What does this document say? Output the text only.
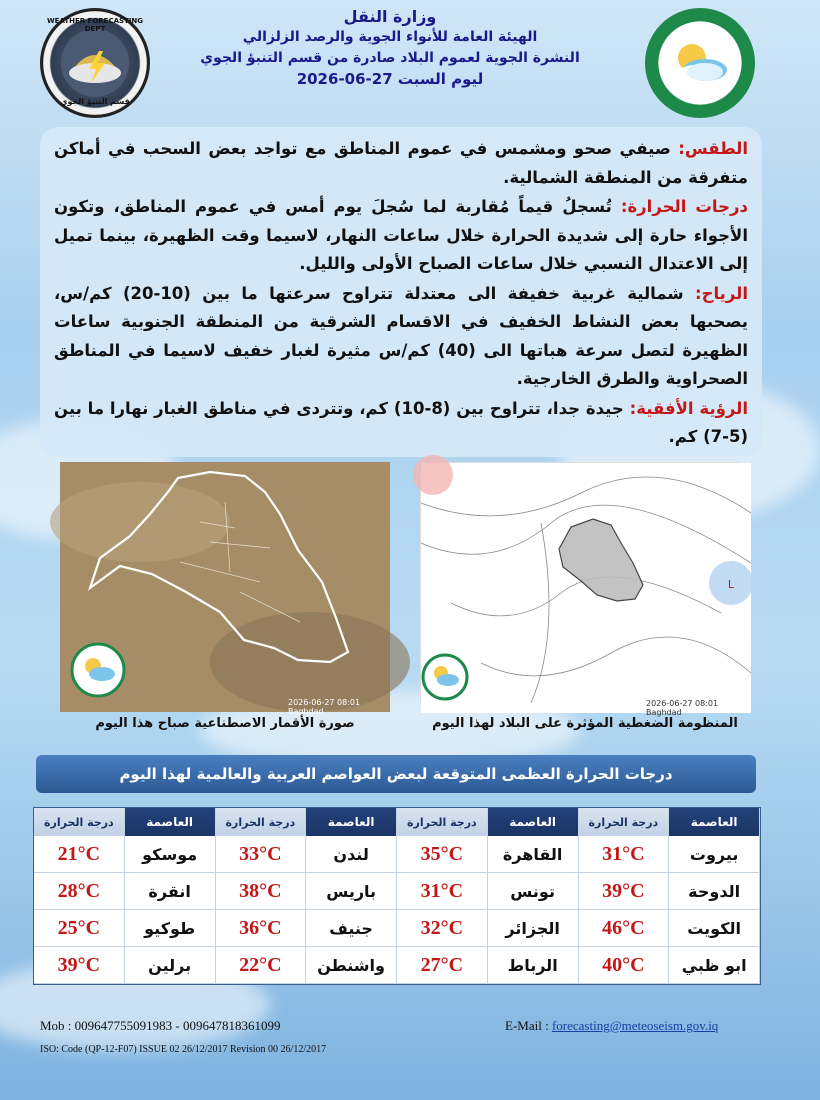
WEATHER FORECASTING DEPT
قسم التنبؤ الجوي
وزارة النقل
الهيئة العامة للأنواء الجوية والرصد الزلزالي
النشرة الجوية لعموم البلاد صادرة من قسم التنبؤ الجوي
ليوم السبت 27-06-2026

الطقس: صيفي صحو ومشمس في عموم المناطق مع تواجد بعض السحب في أماكن متفرقة من المنطقة الشمالية.

درجات الحرارة: تُسجلُ قيماً مُقاربة لما سُجلَ يوم أمس في عموم المناطق، وتكون الأجواء حارة إلى شديدة الحرارة خلال ساعات النهار، لاسيما وقت الظهيرة، بينما تميل إلى الاعتدال النسبي خلال ساعات الصباح الأولى والليل.

الرياح: شمالية غربية خفيفة الى معتدلة تتراوح سرعتها ما بين (10-20) كم/س، يصحبها بعض النشاط الخفيف في الاقسام الشرقية من المنطقة الجنوبية ساعات الظهيرة لتصل سرعة هباتها الى (40) كم/س مثيرة لغبار خفيف لاسيما في المناطق الصحراوية والطرق الخارجية.

الرؤية الأفقية: جيدة جدا، تتراوح بين (8-10) كم، وتتردى في مناطق الغبار نهارا ما بين (5-7) كم.

2026-06-27 08:01 Baghdad
L
2026-06-27 08:01 Baghdad
صورة الأقمار الاصطناعية صباح هذا اليوم	المنظومة الضغطية المؤثرة على البلاد لهذا اليوم
درجات الحرارة العظمى المتوقعة لبعض العواصم العربية والعالمية لهذا اليوم
العاصمة
درجة الحرارة
العاصمة
درجة الحرارة
العاصمة
درجة الحرارة
العاصمة
درجة الحرارة
بيروت
31°C
القاهرة
35°C
لندن
33°C
موسكو
21°C
الدوحة
39°C
تونس
31°C
باريس
38°C
انقرة
28°C
الكويت
46°C
الجزائر
32°C
جنيف
36°C
طوكيو
25°C
ابو ظبي
40°C
الرباط
27°C
واشنطن
22°C
برلين
39°C
Mob : 009647755091983 - 009647818361099	E-Mail : forecasting@meteoseism.gov.iq
ISO: Code (QP-12-F07) ISSUE 02 26/12/2017 Revision 00 26/12/2017
